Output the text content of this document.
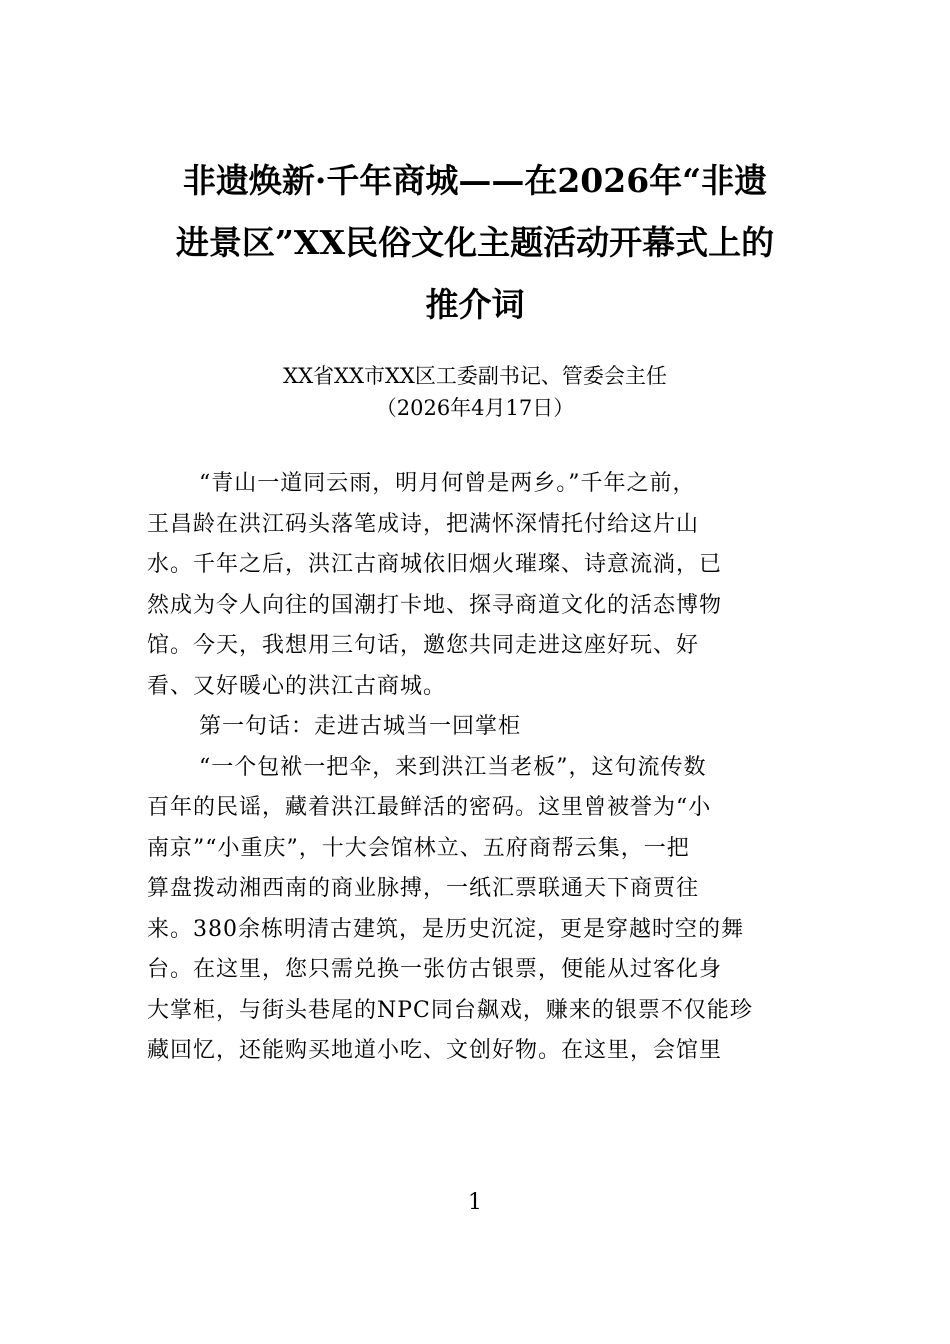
非遗焕新·千年商城——在2026年“非遗
进景区”XX民俗文化主题活动开幕式上的
推介词
XX省XX市XX区工委副书记、管委会主任
（2026年4月17日）
“青山一道同云雨，明月何曾是两乡。”千年之前，
王昌龄在洪江码头落笔成诗，把满怀深情托付给这片山
水。千年之后，洪江古商城依旧烟火璀璨、诗意流淌，已
然成为令人向往的国潮打卡地、探寻商道文化的活态博物
馆。今天，我想用三句话，邀您共同走进这座好玩、好
看、又好暖心的洪江古商城。
第一句话：走进古城当一回掌柜
“一个包袱一把伞，来到洪江当老板”，这句流传数
百年的民谣，藏着洪江最鲜活的密码。这里曾被誉为“小
南京”“小重庆”，十大会馆林立、五府商帮云集，一把
算盘拨动湘西南的商业脉搏，一纸汇票联通天下商贾往
来。380余栋明清古建筑，是历史沉淀，更是穿越时空的舞
台。在这里，您只需兑换一张仿古银票，便能从过客化身
大掌柜，与街头巷尾的NPC同台飙戏，赚来的银票不仅能珍
藏回忆，还能购买地道小吃、文创好物。在这里，会馆里
1
